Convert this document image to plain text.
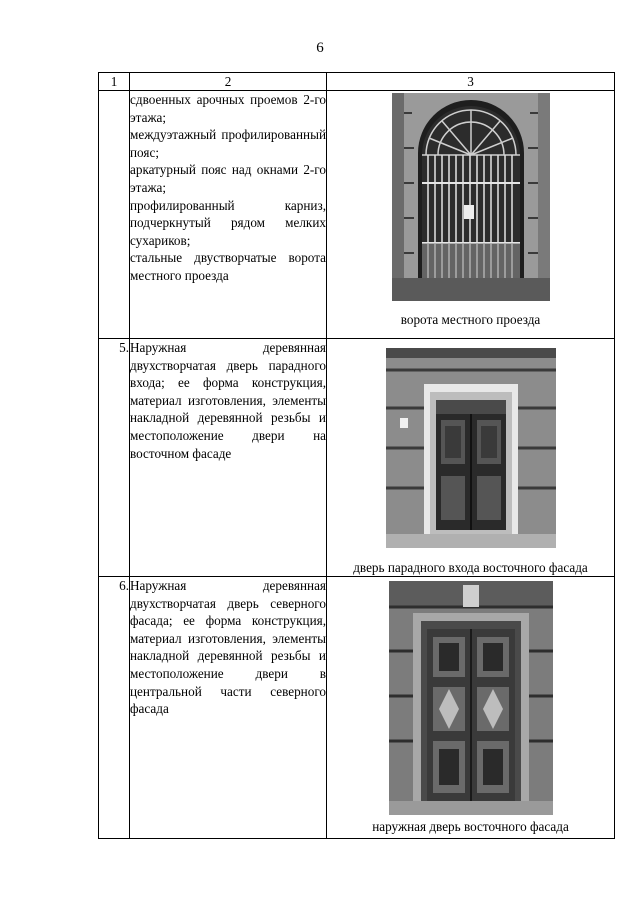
6
1	2	3

	сдвоенных арочных проемов 2-го этажа;
междуэтажный профилированный пояс;
аркатурный пояс над окнами 2-го этажа;
профилированный карниз, подчеркнутый рядом мелких сухариков;
стальные двустворчатые ворота местного проезда	ворота местного проезда

5.	Наружная деревянная двухстворчатая дверь парадного входа; ее форма конструкция, материал изготовления, элементы накладной деревянной резьбы и местоположение двери на восточном фасаде	дверь парадного входа восточного фасада

6.	Наружная деревянная двухстворчатая дверь северного фасада; ее форма конструкция, материал изготовления, элементы накладной деревянной резьбы и местоположение двери в центральной части северного фасада	наружная дверь восточного фасада
